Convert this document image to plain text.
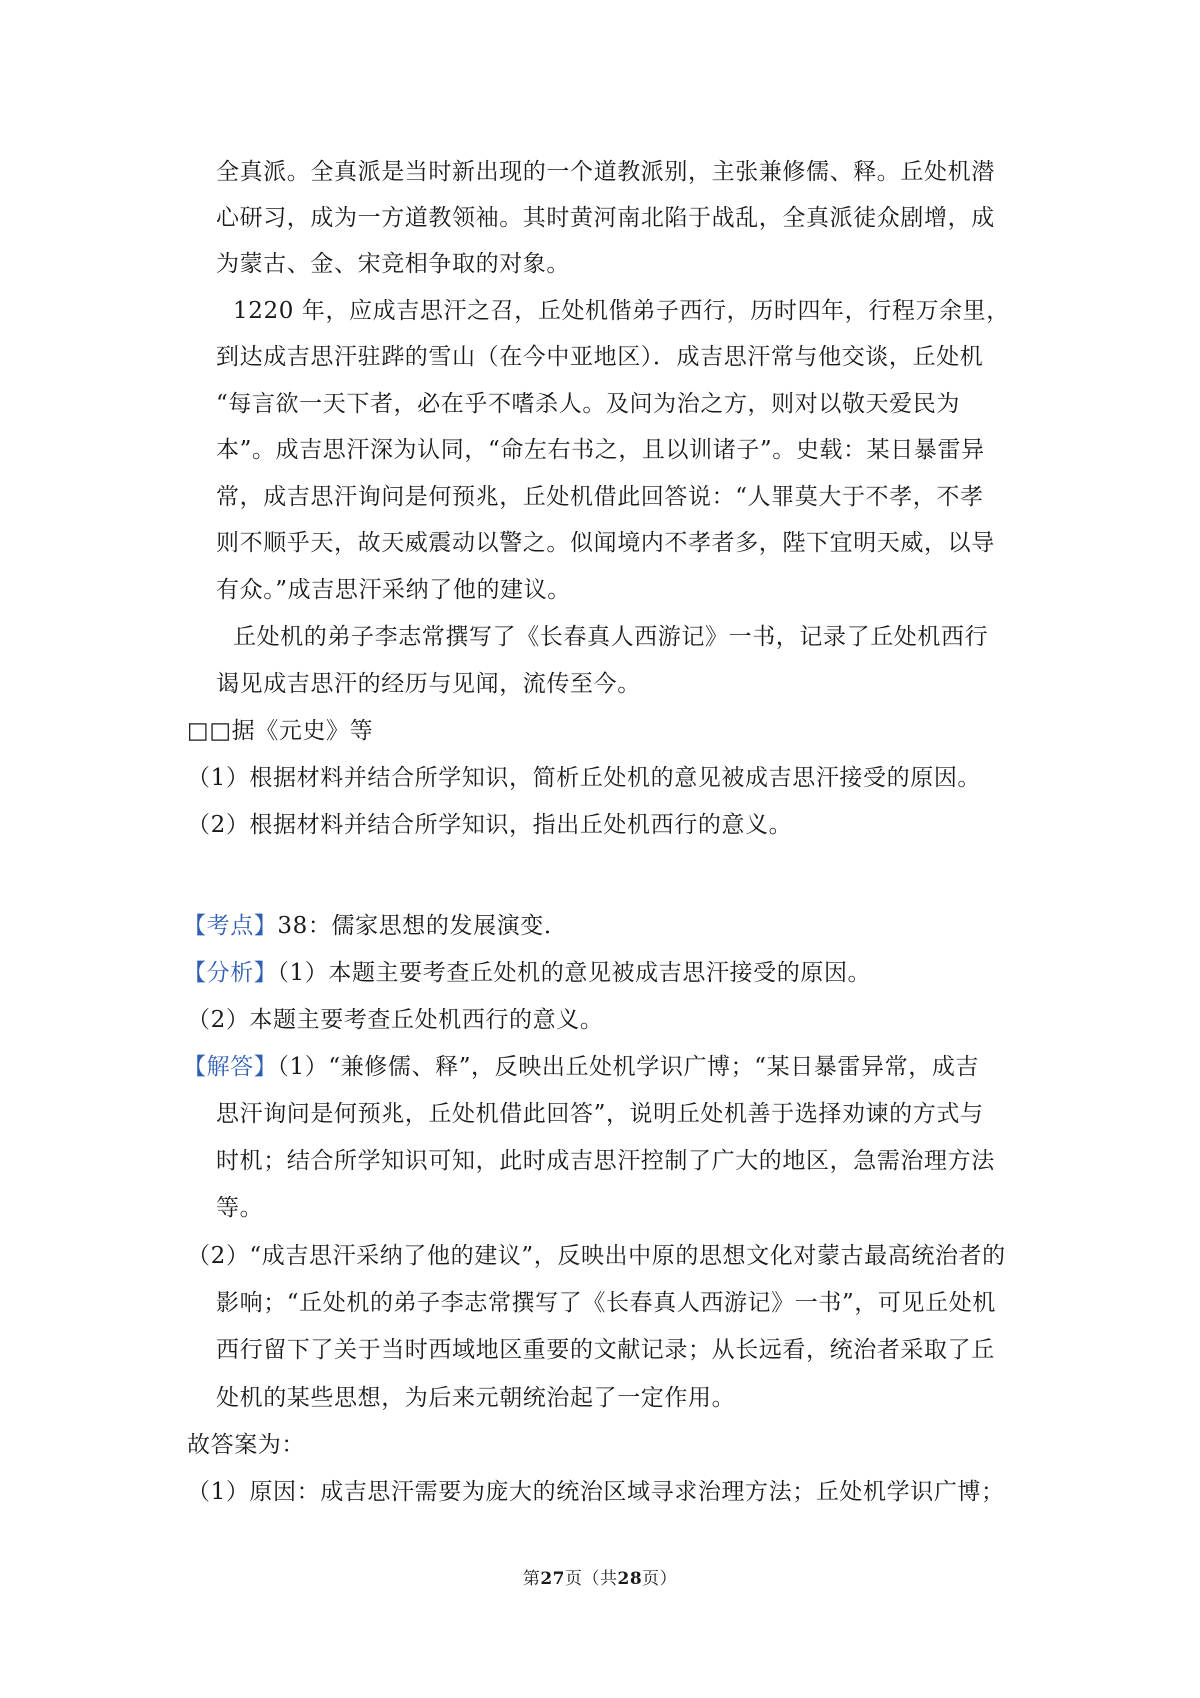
全真派。全真派是当时新出现的一个道教派别，主张兼修儒、释。丘处机潜
心研习，成为一方道教领袖。其时黄河南北陷于战乱，全真派徒众剧增，成
为蒙古、金、宋竞相争取的对象。
1220 年，应成吉思汗之召，丘处机偕弟子西行，历时四年，行程万余里，
到达成吉思汗驻跸的雪山（在今中亚地区）．成吉思汗常与他交谈，丘处机
“每言欲一天下者，必在乎不嗜杀人。及问为治之方，则对以敬天爱民为
本”。成吉思汗深为认同，“命左右书之，且以训诸子”。史载：某日暴雷异
常，成吉思汗询问是何预兆，丘处机借此回答说：“人罪莫大于不孝，不孝
则不顺乎天，故天威震动以警之。似闻境内不孝者多，陛下宜明天威，以导
有众。”成吉思汗采纳了他的建议。
丘处机的弟子李志常撰写了《长春真人西游记》一书，记录了丘处机西行
谒见成吉思汗的经历与见闻，流传至今。
□□据《元史》等
（1）根据材料并结合所学知识，简析丘处机的意见被成吉思汗接受的原因。
（2）根据材料并结合所学知识，指出丘处机西行的意义。
【考点】38：儒家思想的发展演变．
【分析】（1）本题主要考查丘处机的意见被成吉思汗接受的原因。
（2）本题主要考查丘处机西行的意义。
【解答】（1）“兼修儒、释”，反映出丘处机学识广博；“某日暴雷异常，成吉
思汗询问是何预兆，丘处机借此回答”，说明丘处机善于选择劝谏的方式与
时机；结合所学知识可知，此时成吉思汗控制了广大的地区，急需治理方法
等。
（2）“成吉思汗采纳了他的建议”，反映出中原的思想文化对蒙古最高统治者的
影响；“丘处机的弟子李志常撰写了《长春真人西游记》一书”，可见丘处机
西行留下了关于当时西域地区重要的文献记录；从长远看，统治者采取了丘
处机的某些思想，为后来元朝统治起了一定作用。
故答案为：
（1）原因：成吉思汗需要为庞大的统治区域寻求治理方法；丘处机学识广博；
第27页（共28页）
